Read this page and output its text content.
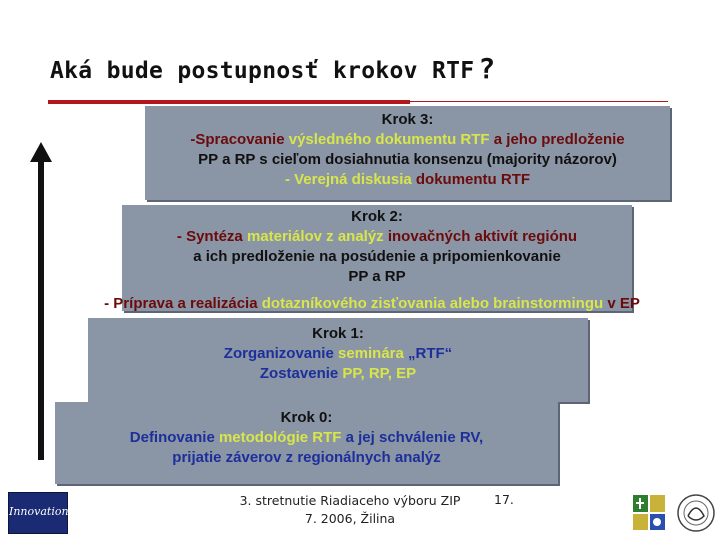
Aká bude postupnosť krokov RTF ?
Krok 3:
-Spracovanie výsledného dokumentu RTF a jeho predloženie
PP a RP s cieľom dosiahnutia konsenzu (majority názorov)
- Verejná diskusia dokumentu RTF
Krok 2:
- Syntéza materiálov z analýz inovačných aktivít regiónu
a ich predloženie na posúdenie a pripomienkovanie
PP a RP
- Príprava a realizácia dotazníkového zisťovania alebo brainstormingu v EP
Krok 1:
Zorganizovanie seminára „RTF“
Zostavenie PP, RP, EP
Krok 0:
Definovanie metodológie RTF a jej schválenie RV,
prijatie záverov z regionálnych analýz
Innovation
3. stretnutie Riadiaceho výboru ZIP
7. 2006, Žilina
17.
